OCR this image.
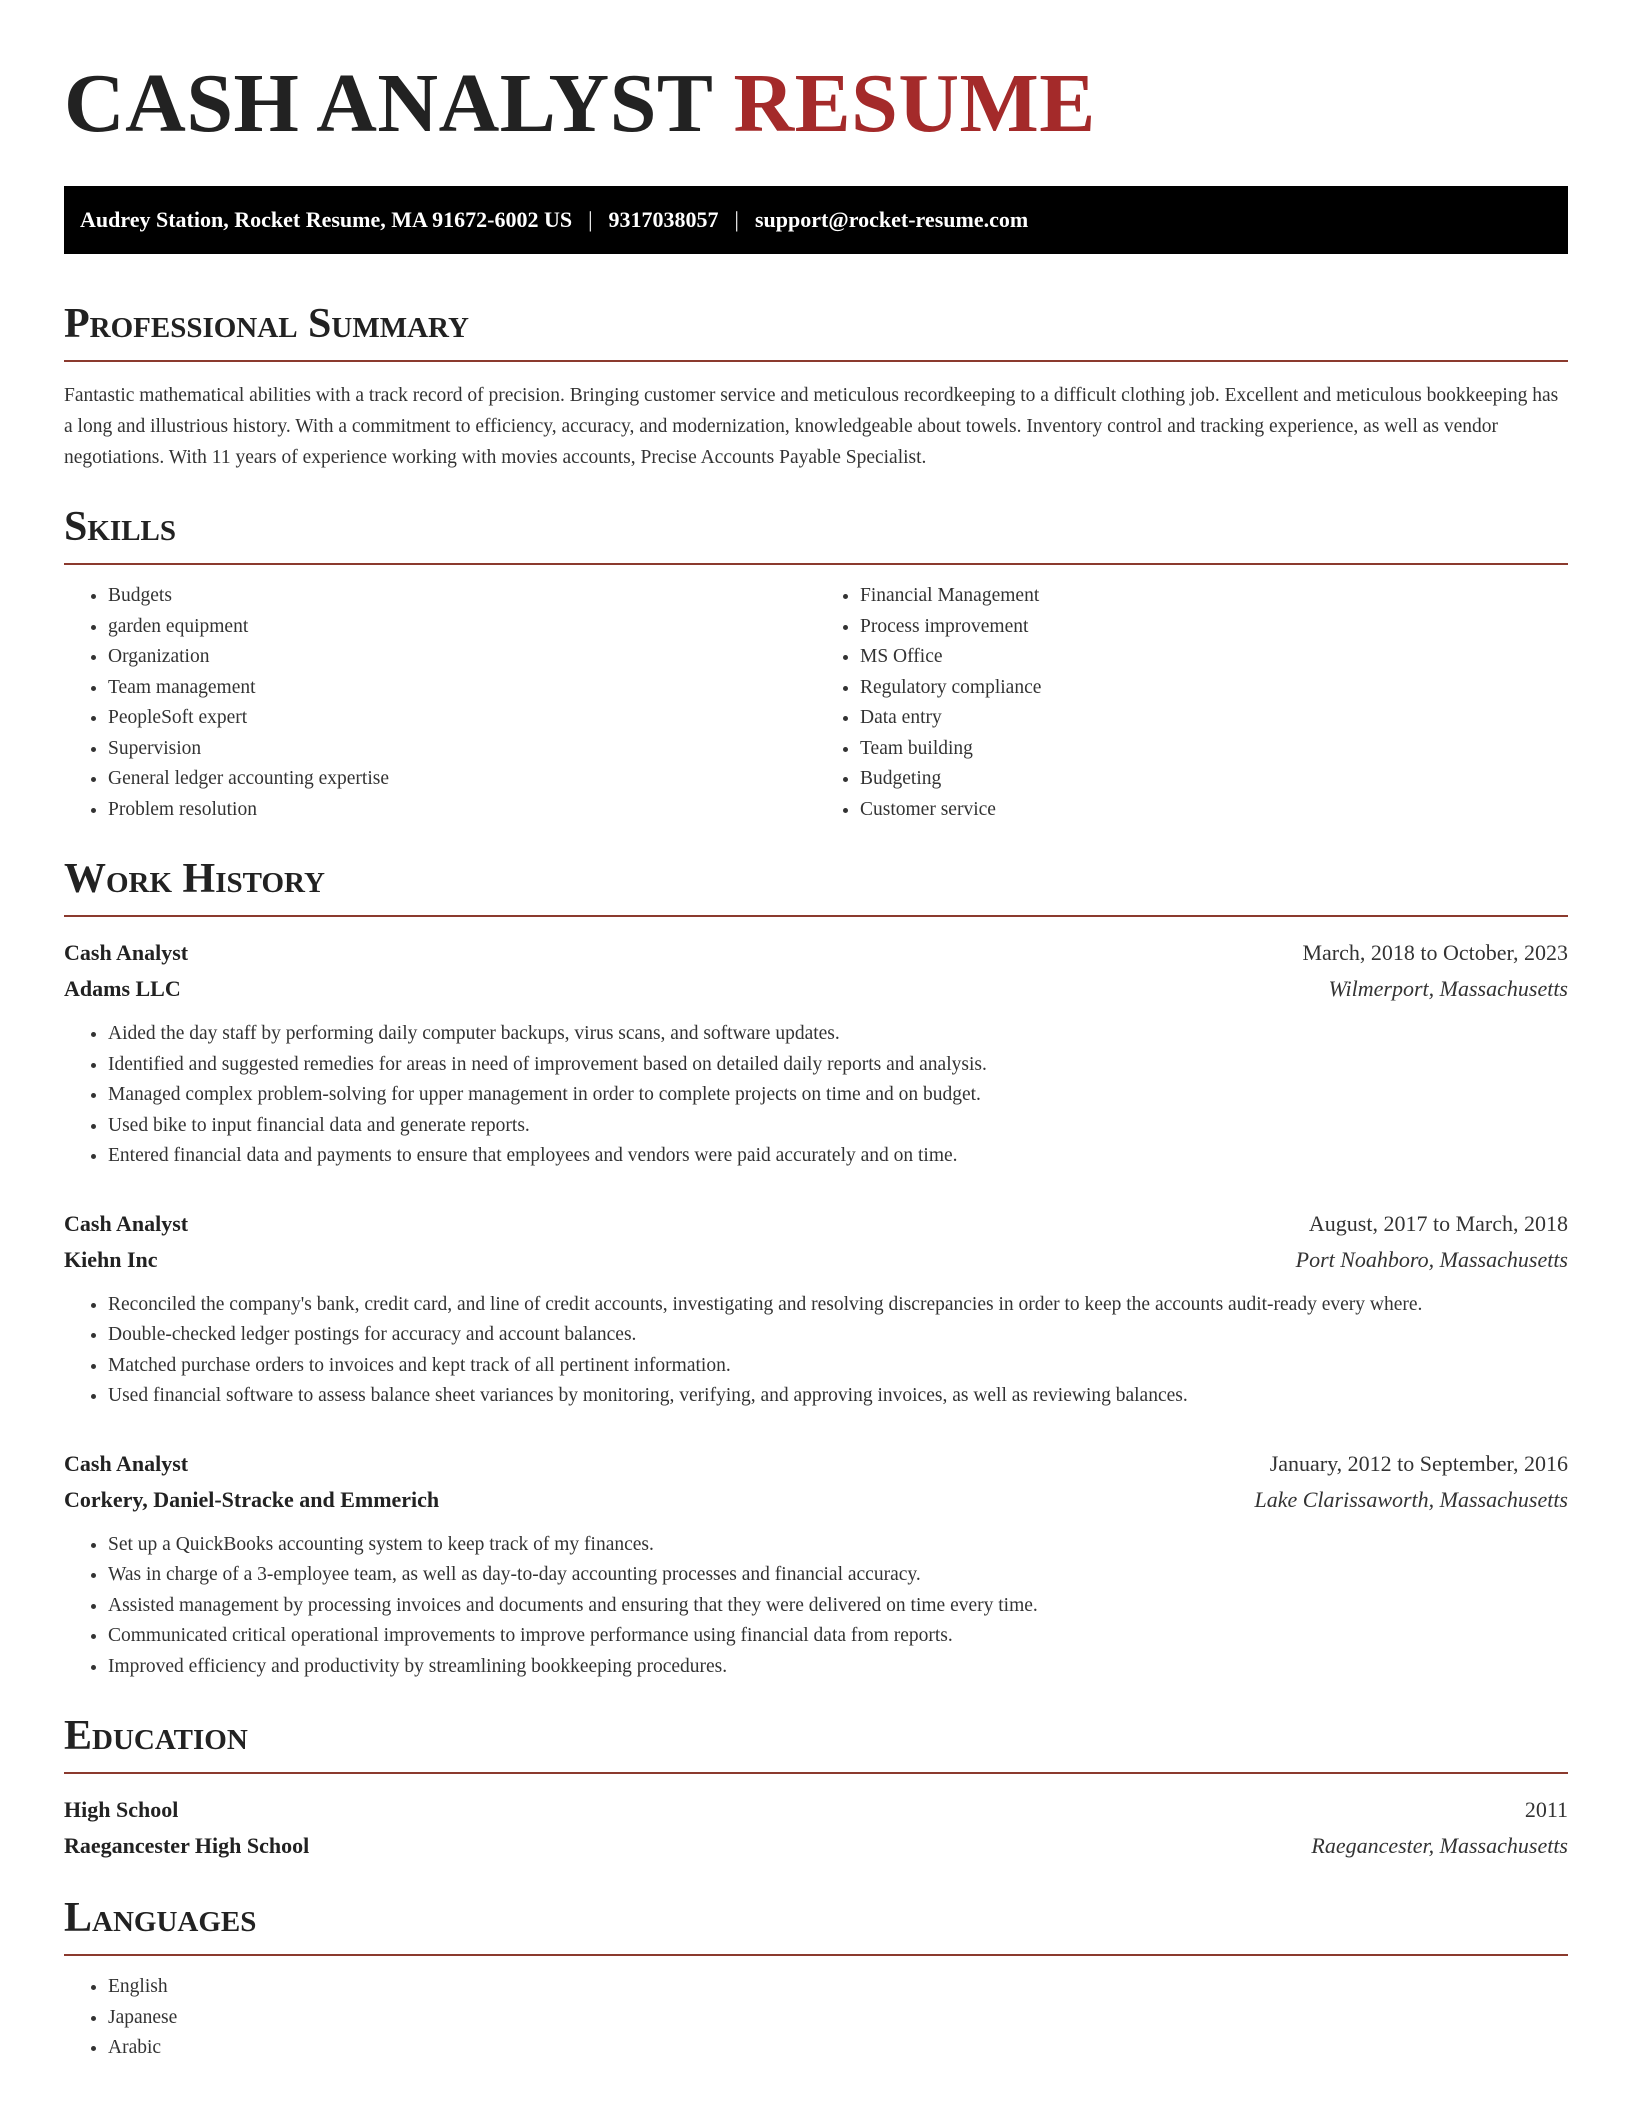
CASH ANALYST RESUME
Audrey Station, Rocket Resume, MA 91672-6002 US | 9317038057 | support@rocket-resume.com
Professional Summary

Fantastic mathematical abilities with a track record of precision. Bringing customer service and meticulous recordkeeping to a difficult clothing job. Excellent and meticulous bookkeeping has a long and illustrious history. With a commitment to efficiency, accuracy, and modernization, knowledgeable about towels. Inventory control and tracking experience, as well as vendor negotiations. With 11 years of experience working with movies accounts, Precise Accounts Payable Specialist.

Skills
• Budgets
• garden equipment
• Organization
• Team management
• PeopleSoft expert
• Supervision
• General ledger accounting expertise
• Problem resolution
• Financial Management
• Process improvement
• MS Office
• Regulatory compliance
• Data entry
• Team building
• Budgeting
• Customer service
Work History
Cash Analyst	March, 2018 to October, 2023
Adams LLC	Wilmerport, Massachusetts
• Aided the day staff by performing daily computer backups, virus scans, and software updates.
• Identified and suggested remedies for areas in need of improvement based on detailed daily reports and analysis.
• Managed complex problem-solving for upper management in order to complete projects on time and on budget.
• Used bike to input financial data and generate reports.
• Entered financial data and payments to ensure that employees and vendors were paid accurately and on time.
Cash Analyst	August, 2017 to March, 2018
Kiehn Inc	Port Noahboro, Massachusetts
• Reconciled the company's bank, credit card, and line of credit accounts, investigating and resolving discrepancies in order to keep the accounts audit-ready every where.
• Double-checked ledger postings for accuracy and account balances.
• Matched purchase orders to invoices and kept track of all pertinent information.
• Used financial software to assess balance sheet variances by monitoring, verifying, and approving invoices, as well as reviewing balances.
Cash Analyst	January, 2012 to September, 2016
Corkery, Daniel-Stracke and Emmerich	Lake Clarissaworth, Massachusetts
• Set up a QuickBooks accounting system to keep track of my finances.
• Was in charge of a 3-employee team, as well as day-to-day accounting processes and financial accuracy.
• Assisted management by processing invoices and documents and ensuring that they were delivered on time every time.
• Communicated critical operational improvements to improve performance using financial data from reports.
• Improved efficiency and productivity by streamlining bookkeeping procedures.
Education
High School	2011
Raegancester High School	Raegancester, Massachusetts
Languages
• English
• Japanese
• Arabic
